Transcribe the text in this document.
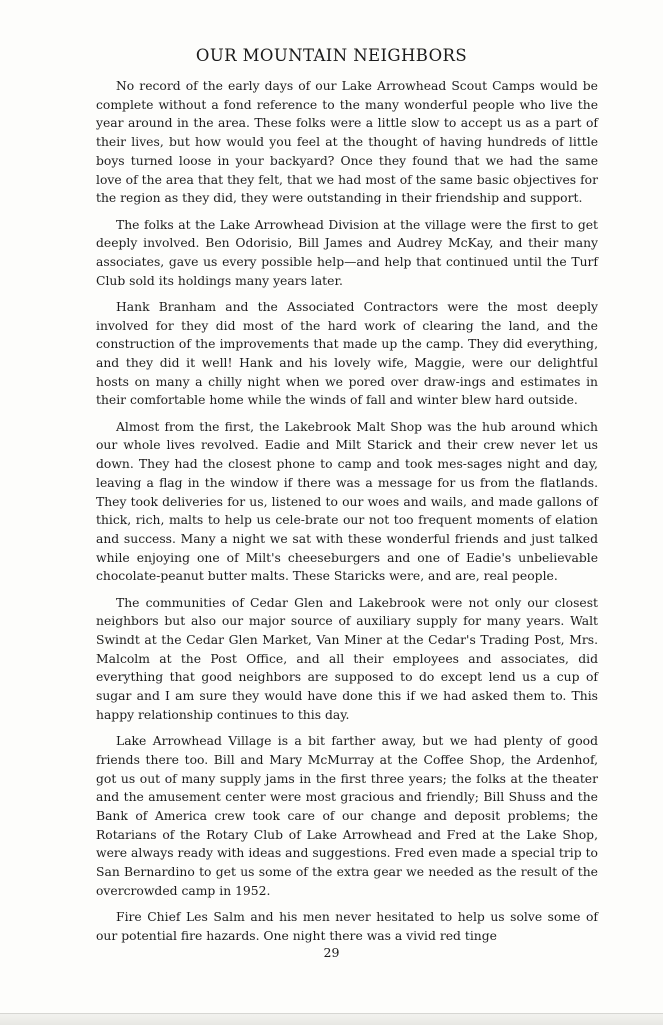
OUR MOUNTAIN NEIGHBORS

No record of the early days of our Lake Arrowhead Scout Camps would be complete without a fond reference to the many wonderful people who live the year around in the area. These folks were a little slow to accept us as a part of their lives, but how would you feel at the thought of having hundreds of little boys turned loose in your backyard? Once they found that we had the same love of the area that they felt, that we had most of the same basic objectives for the region as they did, they were outstanding in their friendship and support.

The folks at the Lake Arrowhead Division at the village were the first to get deeply involved. Ben Odorisio, Bill James and Audrey McKay, and their many associates, gave us every possible help—and help that continued until the Turf Club sold its holdings many years later.

Hank Branham and the Associated Contractors were the most deeply involved for they did most of the hard work of clearing the land, and the construction of the improvements that made up the camp. They did everything, and they did it well! Hank and his lovely wife, Maggie, were our delightful hosts on many a chilly night when we pored over draw-ings and estimates in their comfortable home while the winds of fall and winter blew hard outside.

Almost from the first, the Lakebrook Malt Shop was the hub around which our whole lives revolved. Eadie and Milt Starick and their crew never let us down. They had the closest phone to camp and took mes-sages night and day, leaving a flag in the window if there was a message for us from the flatlands. They took deliveries for us, listened to our woes and wails, and made gallons of thick, rich, malts to help us cele-brate our not too frequent moments of elation and success. Many a night we sat with these wonderful friends and just talked while enjoying one of Milt's cheeseburgers and one of Eadie's unbelievable chocolate-peanut butter malts. These Staricks were, and are, real people.

The communities of Cedar Glen and Lakebrook were not only our closest neighbors but also our major source of auxiliary supply for many years. Walt Swindt at the Cedar Glen Market, Van Miner at the Cedar's Trading Post, Mrs. Malcolm at the Post Office, and all their employees and associates, did everything that good neighbors are supposed to do except lend us a cup of sugar and I am sure they would have done this if we had asked them to. This happy relationship continues to this day.

Lake Arrowhead Village is a bit farther away, but we had plenty of good friends there too. Bill and Mary McMurray at the Coffee Shop, the Ardenhof, got us out of many supply jams in the first three years; the folks at the theater and the amusement center were most gracious and friendly; Bill Shuss and the Bank of America crew took care of our change and deposit problems; the Rotarians of the Rotary Club of Lake Arrowhead and Fred at the Lake Shop, were always ready with ideas and suggestions. Fred even made a special trip to San Bernardino to get us some of the extra gear we needed as the result of the overcrowded camp in 1952.

Fire Chief Les Salm and his men never hesitated to help us solve some of our potential fire hazards. One night there was a vivid red tinge

29
